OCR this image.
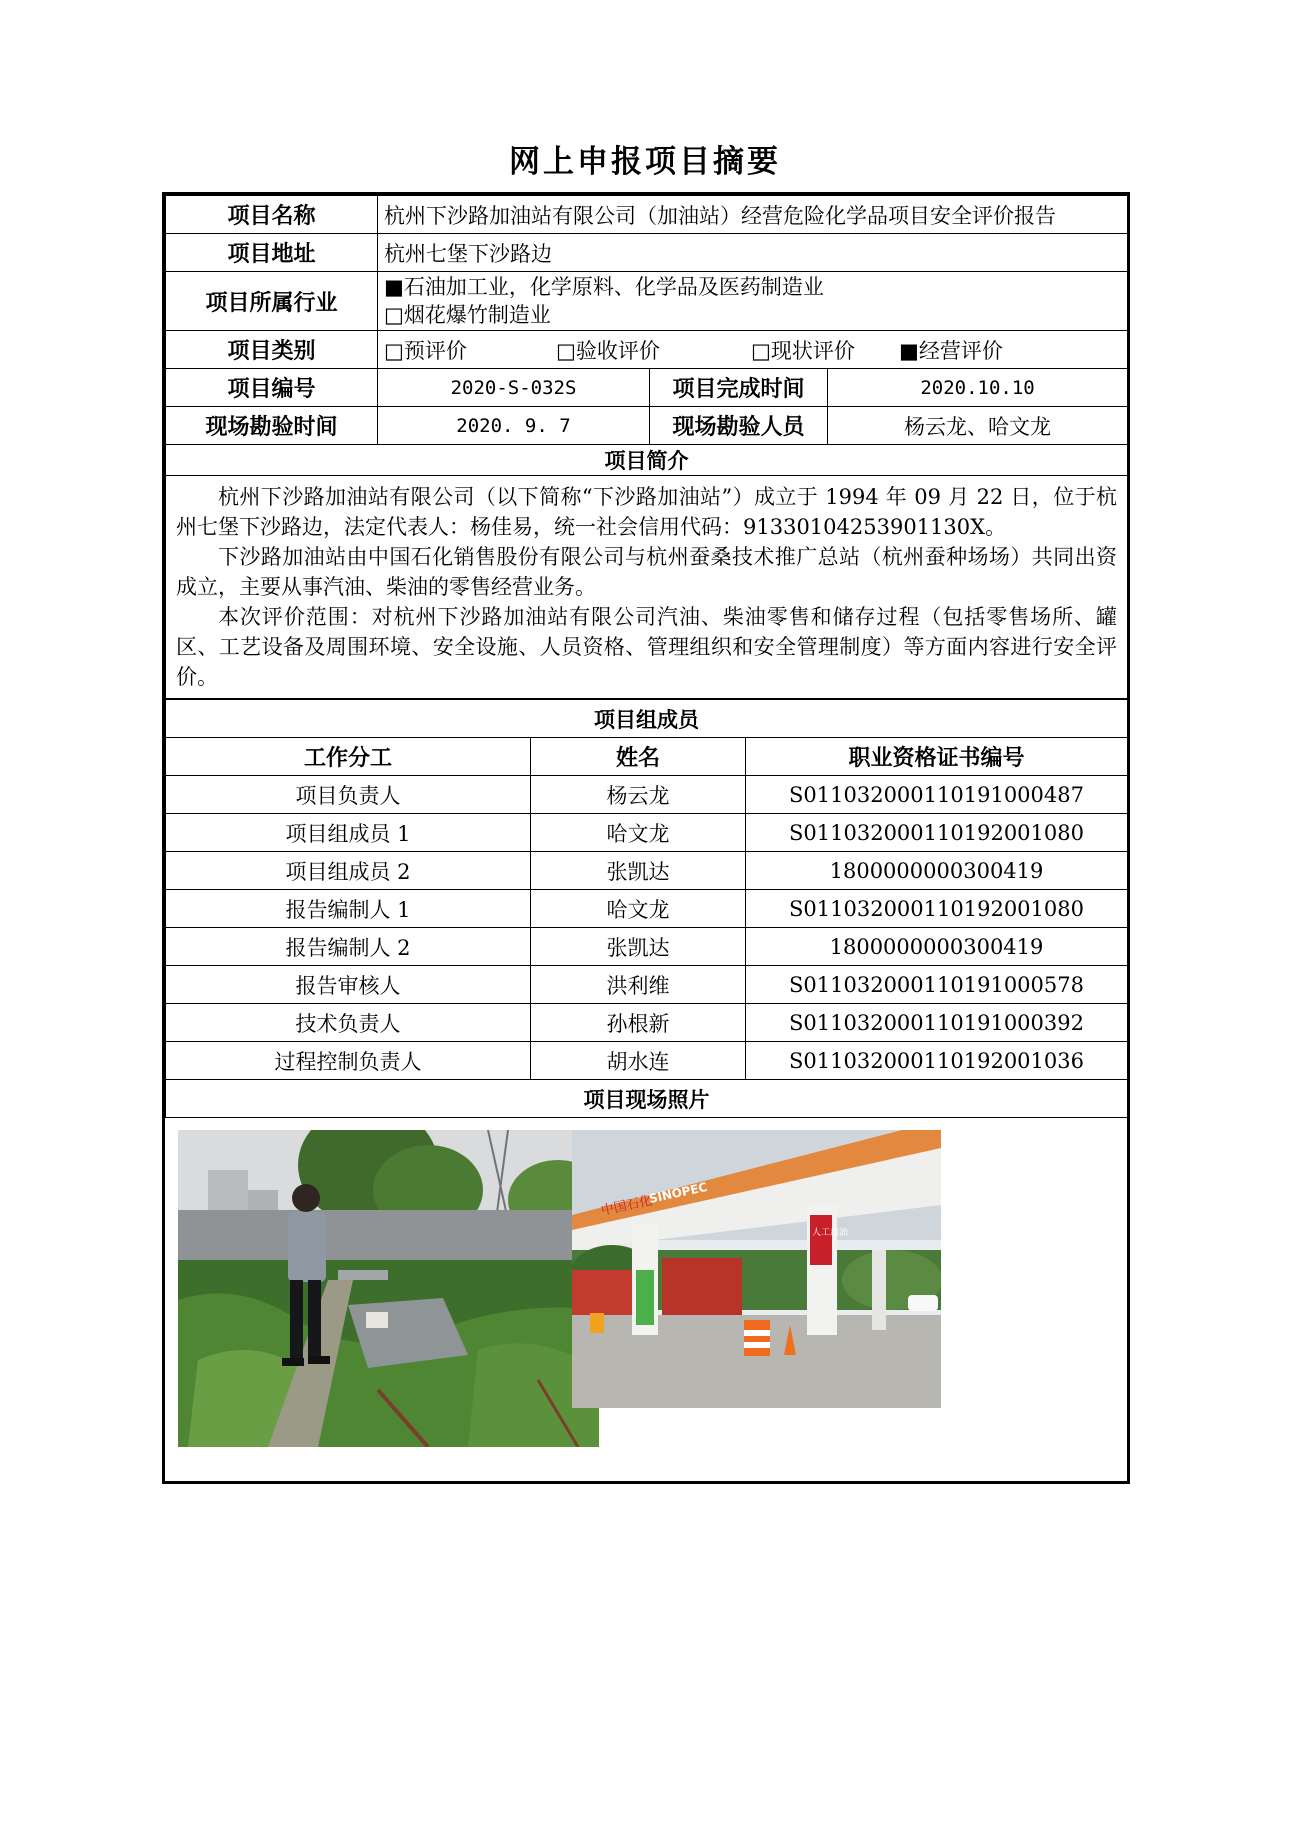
网上申报项目摘要
项目名称	杭州下沙路加油站有限公司（加油站）经营危险化学品项目安全评价报告		
项目地址	杭州七堡下沙路边		
项目所属行业	■石油加工业，化学原料、化学品及医药制造业
□烟花爆竹制造业		

项目类别	□预评价 □验收评价 □现状评价 ■经营评价		
项目编号	2020-S-032S	项目完成时间	2020.10.10
现场勘验时间	2020. 9. 7	现场勘验人员	杨云龙、哈文龙
项目简介			

杭州下沙路加油站有限公司（以下简称“下沙路加油站”）成立于 1994 年 09 月 22 日，位于杭州七堡下沙路边，法定代表人：杨佳易，统一社会信用代码：91330104253901130X。

下沙路加油站由中国石化销售股份有限公司与杭州蚕桑技术推广总站（杭州蚕种场场）共同出资成立，主要从事汽油、柴油的零售经营业务。

本次评价范围：对杭州下沙路加油站有限公司汽油、柴油零售和储存过程（包括零售场所、罐区、工艺设备及周围环境、安全设施、人员资格、管理组织和安全管理制度）等方面内容进行安全评价。			

项目组成员		
工作分工	姓名	职业资格证书编号
项目负责人	杨云龙	S011032000110191000487
项目组成员 1	哈文龙	S011032000110192001080
项目组成员 2	张凯达	1800000000300419
报告编制人 1	哈文龙	S011032000110192001080
报告编制人 2	张凯达	1800000000300419
报告审核人	洪利维	S011032000110191000578
技术负责人	孙根新	S011032000110191000392
过程控制负责人	胡水连	S011032000110192001036
项目现场照片		
中国石化
SINOPEC
人工加油
